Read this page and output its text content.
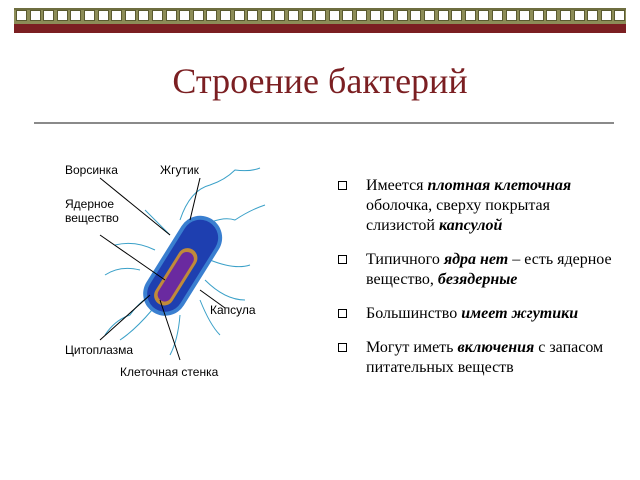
Строение бактерий
Ворсинка	Жгутик
Ядерное
вещество
Капсула
Цитоплазма
Клеточная стенка
Имеется плотная клеточная оболочка, сверху покрытая слизистой капсулой
Типичного ядра нет – есть ядерное вещество, безядерные
Большинство имеет жгутики
Могут иметь включения с запасом питательных веществ
